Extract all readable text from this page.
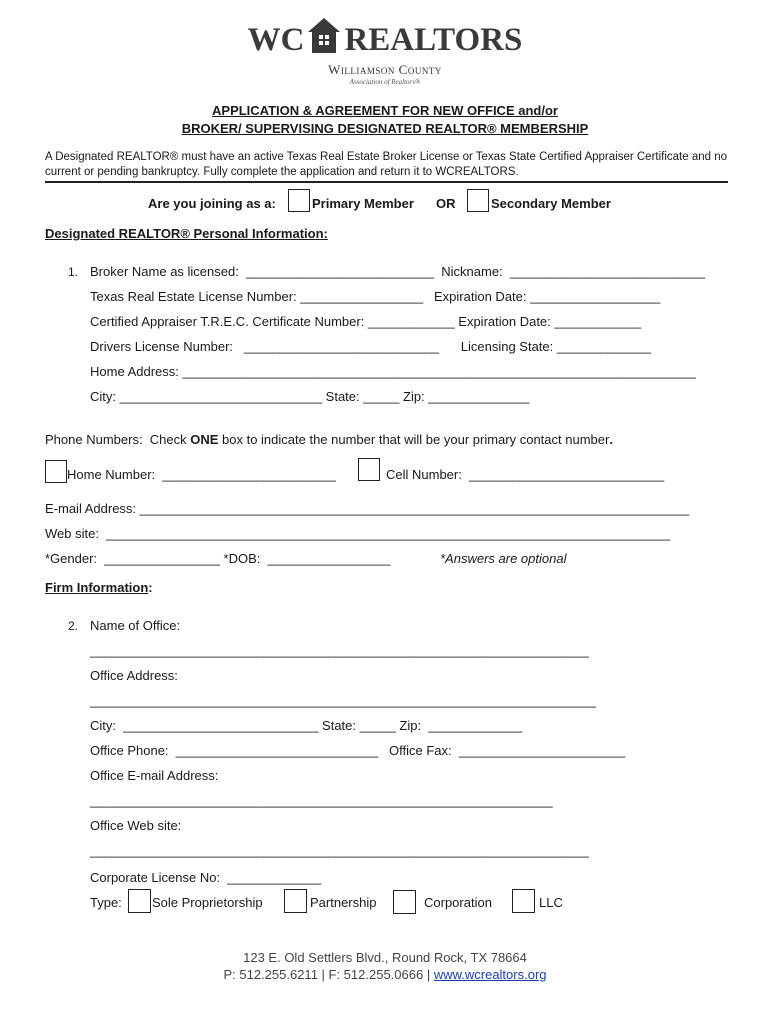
WC REALTORS
Williamson County
Association of Realtors®
APPLICATION & AGREEMENT FOR NEW OFFICE and/or
BROKER/ SUPERVISING DESIGNATED REALTOR® MEMBERSHIP
A Designated REALTOR® must have an active Texas Real Estate Broker License or Texas State Certified Appraiser Certificate and no current or pending bankruptcy. Fully complete the application and return it to WCREALTORS.
Are you joining as a:	Primary Member OR	Secondary Member
Designated REALTOR® Personal Information:
1. Broker Name as licensed:  __________________________  Nickname:  ___________________________
Texas Real Estate License Number: _________________   Expiration Date: __________________
Certified Appraiser T.R.E.C. Certificate Number: ____________ Expiration Date: ____________
Drivers License Number:   ___________________________      Licensing State: _____________
Home Address: _______________________________________________________________________
City: ____________________________ State: _____ Zip: ______________
Phone Numbers:  Check ONE box to indicate the number that will be your primary contact number.
Home Number:  ________________________	Cell Number:  ___________________________
E-mail Address: ____________________________________________________________________________
Web site:  ______________________________________________________________________________
*Gender:  ________________ *DOB:  _________________	*Answers are optional
Firm Information:
2. Name of Office:
_____________________________________________________________________
Office Address:
______________________________________________________________________
City:  ___________________________ State: _____ Zip:  _____________
Office Phone:  ____________________________   Office Fax:  _______________________
Office E-mail Address:
________________________________________________________________
Office Web site:
_____________________________________________________________________
Corporate License No:  _____________
Type: Sole Proprietorship	Partnership	Corporation	LLC
123 E. Old Settlers Blvd., Round Rock, TX 78664
P: 512.255.6211 | F: 512.255.0666 | www.wcrealtors.org
